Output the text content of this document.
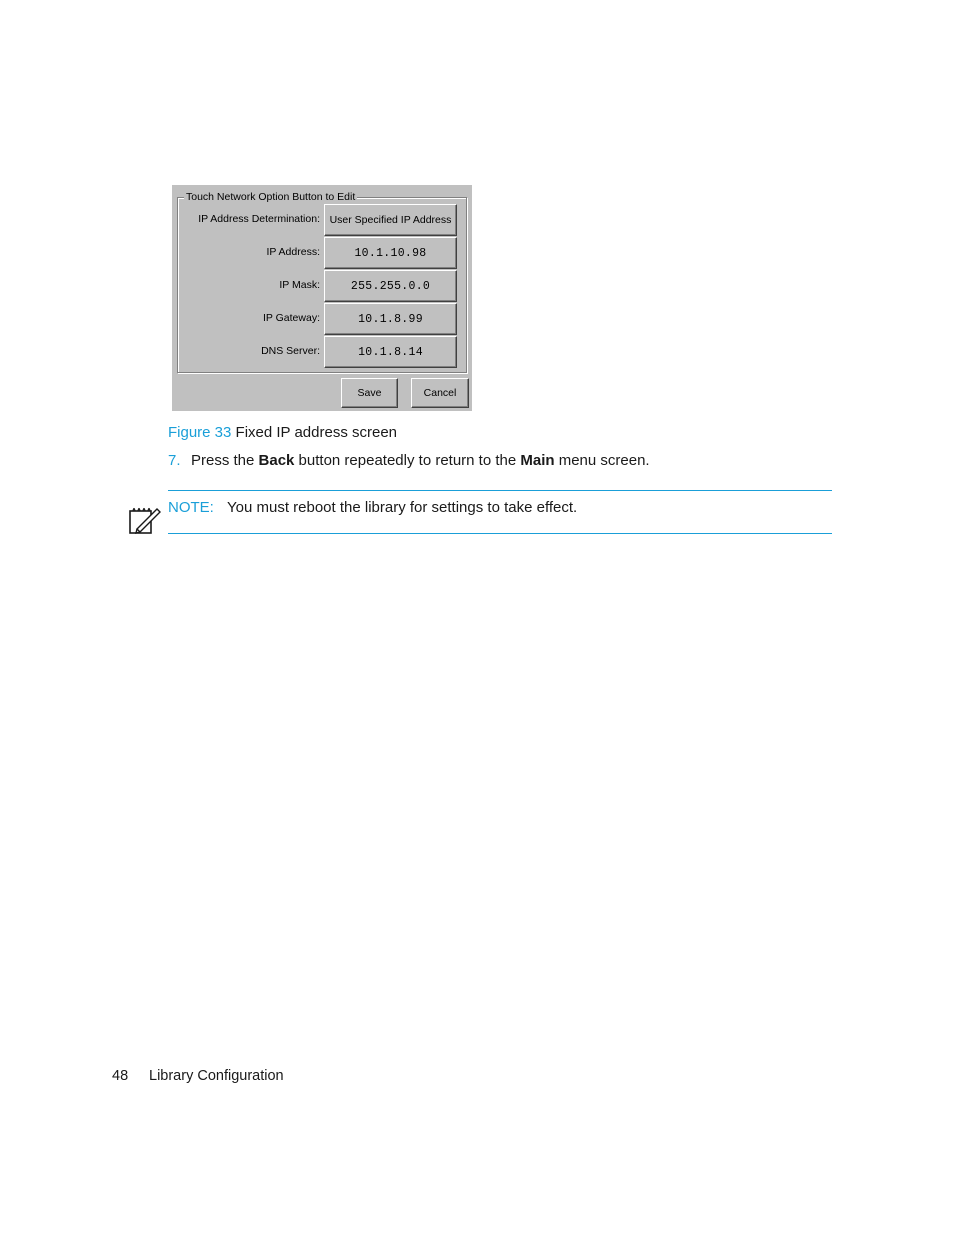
Touch Network Option Button to Edit
IP Address Determination: User Specified IP Address
IP Address:	10.1.10.98
IP Mask:	255.255.0.0
IP Gateway:	10.1.8.99
DNS Server:	10.1.8.14
Save	Cancel
Figure 33 Fixed IP address screen
7. Press the Back button repeatedly to return to the Main menu screen.
NOTE: You must reboot the library for settings to take effect.
48 Library Configuration
